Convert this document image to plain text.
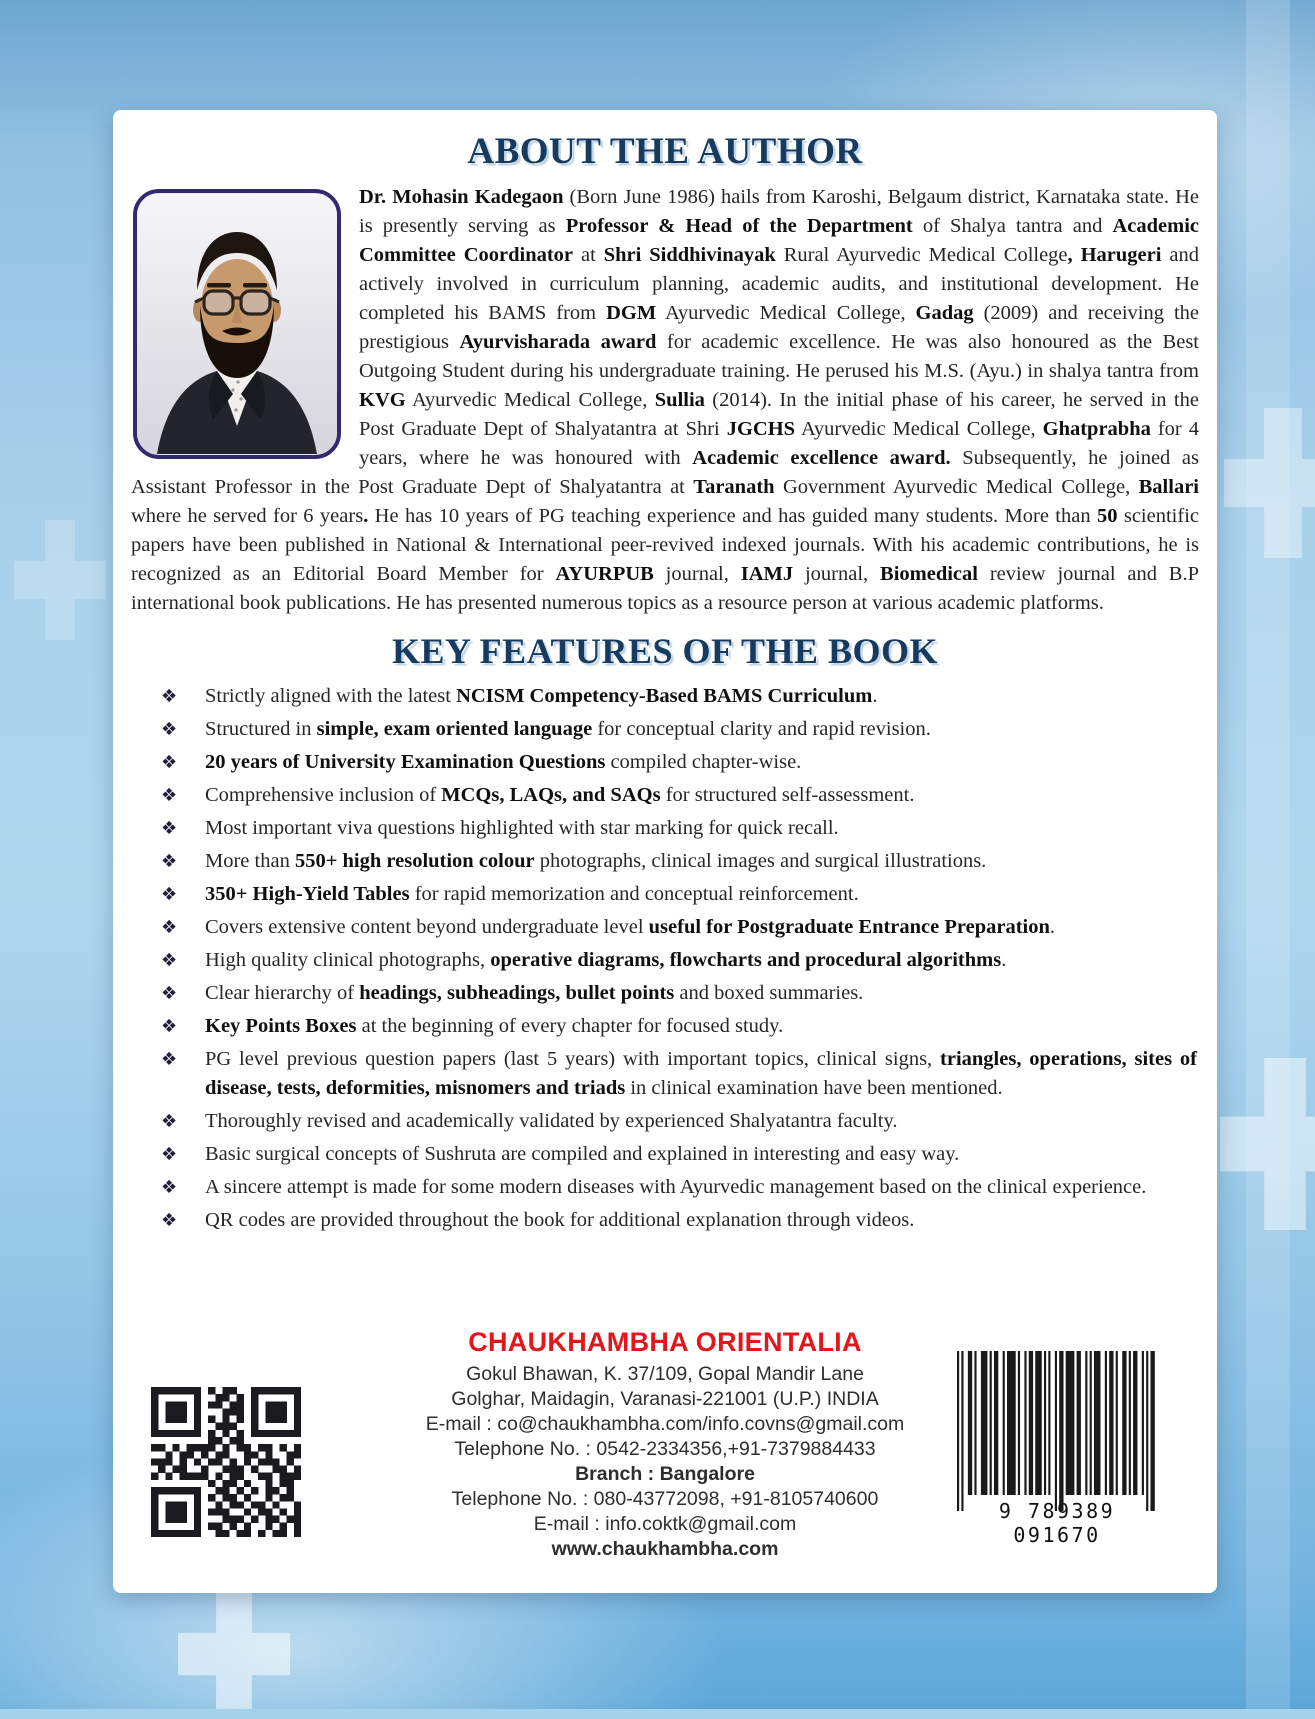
ABOUT THE AUTHOR

Dr. Mohasin Kadegaon (Born June 1986) hails from Karoshi, Belgaum district, Karnataka state. He is presently serving as Professor & Head of the Department of Shalya tantra and Academic Committee Coordinator at Shri Siddhivinayak Rural Ayurvedic Medical College, Harugeri and actively involved in curriculum planning, academic audits, and institutional development. He completed his BAMS from DGM Ayurvedic Medical College, Gadag (2009) and receiving the prestigious Ayurvisharada award for academic excellence. He was also honoured as the Best Outgoing Student during his undergraduate training. He perused his M.S. (Ayu.) in shalya tantra from KVG Ayurvedic Medical College, Sullia (2014). In the initial phase of his career, he served in the Post Graduate Dept of Shalyatantra at Shri JGCHS Ayurvedic Medical College, Ghatprabha for 4 years, where he was honoured with Academic excellence award. Subsequently, he joined as Assistant Professor in the Post Graduate Dept of Shalyatantra at Taranath Government Ayurvedic Medical College, Ballari where he served for 6 years. He has 10 years of PG teaching experience and has guided many students. More than 50 scientific papers have been published in National & International peer-revived indexed journals. With his academic contributions, he is recognized as an Editorial Board Member for AYURPUB journal, IAMJ journal, Biomedical review journal and B.P international book publications. He has presented numerous topics as a resource person at various academic platforms.

KEY FEATURES OF THE BOOK
❖	Strictly aligned with the latest NCISM Competency-Based BAMS Curriculum.
❖	Structured in simple, exam oriented language for conceptual clarity and rapid revision.
❖	20 years of University Examination Questions compiled chapter-wise.
❖	Comprehensive inclusion of MCQs, LAQs, and SAQs for structured self-assessment.
❖	Most important viva questions highlighted with star marking for quick recall.
❖	More than 550+ high resolution colour photographs, clinical images and surgical illustrations.
❖	350+ High-Yield Tables for rapid memorization and conceptual reinforcement.
❖	Covers extensive content beyond undergraduate level useful for Postgraduate Entrance Preparation.
❖	High quality clinical photographs, operative diagrams, flowcharts and procedural algorithms.
❖	Clear hierarchy of headings, subheadings, bullet points and boxed summaries.
❖	Key Points Boxes at the beginning of every chapter for focused study.
❖	PG level previous question papers (last 5 years) with important topics, clinical signs, triangles, operations, sites of disease, tests, deformities, misnomers and triads in clinical examination have been mentioned.
❖	Thoroughly revised and academically validated by experienced Shalyatantra faculty.
❖	Basic surgical concepts of Sushruta are compiled and explained in interesting and easy way.
❖	A sincere attempt is made for some modern diseases with Ayurvedic management based on the clinical experience.
❖	QR codes are provided throughout the book for additional explanation through videos.
CHAUKHAMBHA ORIENTALIA
Gokul Bhawan, K. 37/109, Gopal Mandir Lane
Golghar, Maidagin, Varanasi-221001 (U.P.) INDIA
E-mail : co@chaukhambha.com/info.covns@gmail.com
Telephone No. : 0542-2334356,+91-7379884433
Branch : Bangalore
Telephone No. : 080-43772098, +91-8105740600
E-mail : info.coktk@gmail.com
www.chaukhambha.com
9 789389 091670
